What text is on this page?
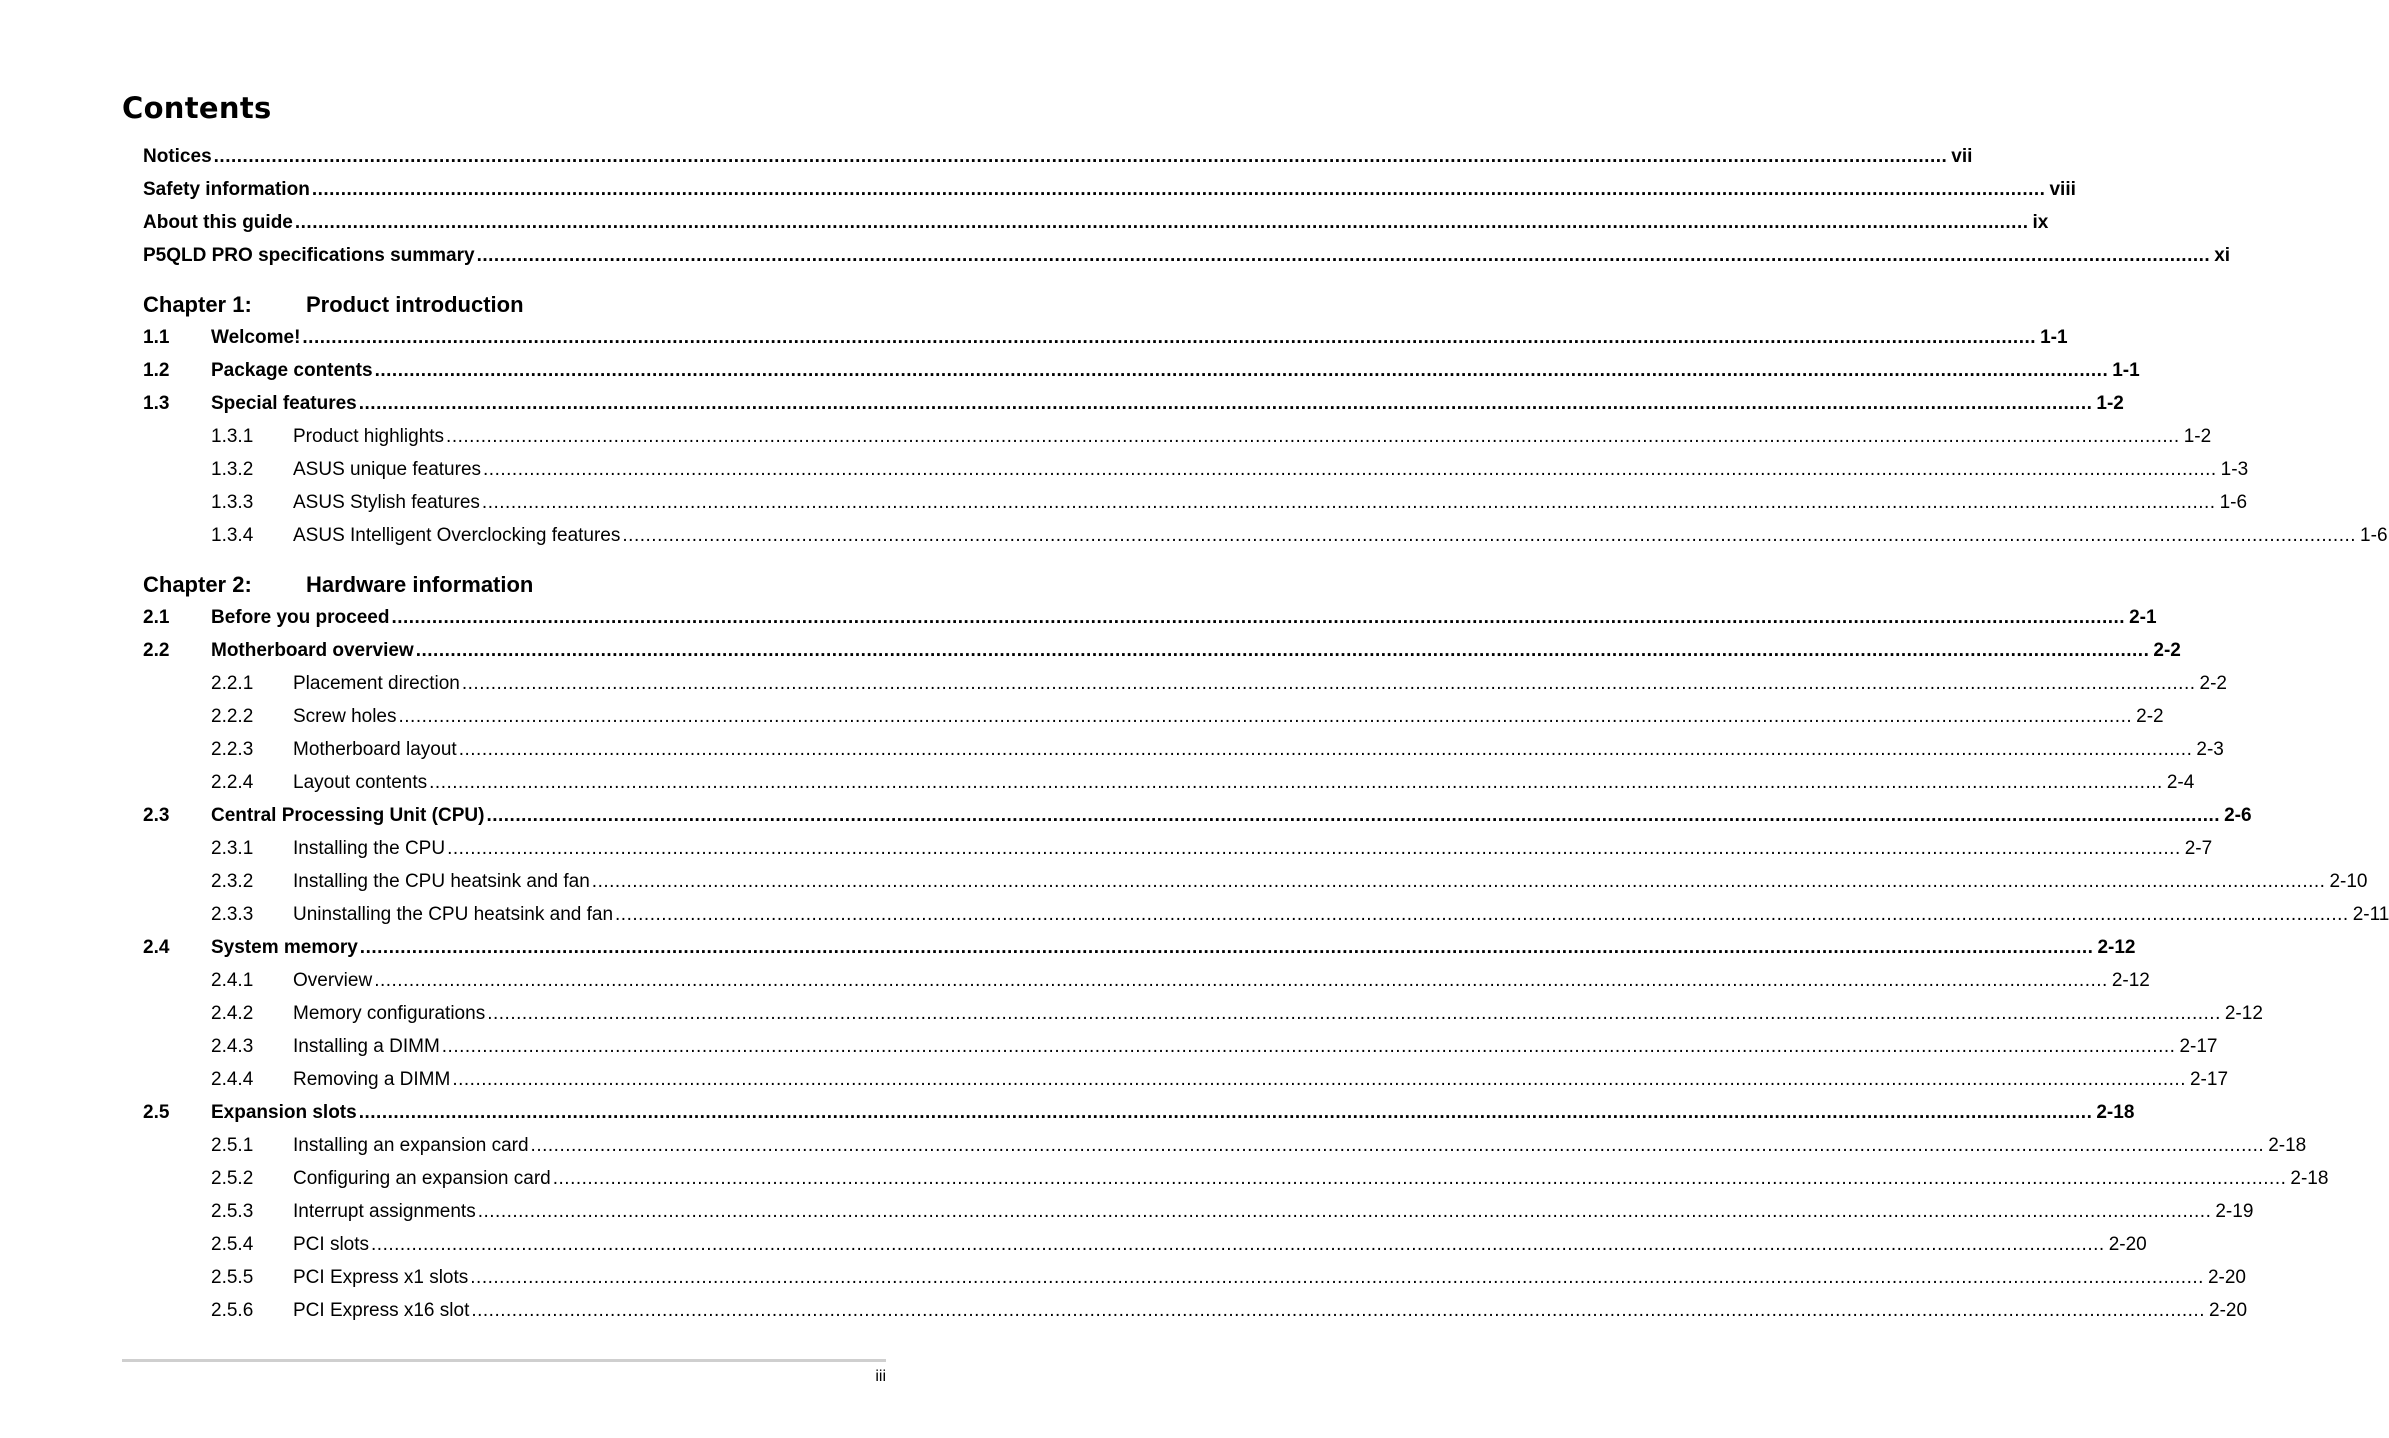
Contents
Notices ............................................................................................................................................................................................................................................................................................................ vii
Safety information ............................................................................................................................................................................................................................................................................................................ viii
About this guide ............................................................................................................................................................................................................................................................................................................ ix
P5QLD PRO specifications summary ............................................................................................................................................................................................................................................................................................................ xi
Chapter 1:	Product introduction
1.1	Welcome! ............................................................................................................................................................................................................................................................................................................ 1-1
1.2	Package contents ............................................................................................................................................................................................................................................................................................................ 1-1
1.3	Special features ............................................................................................................................................................................................................................................................................................................ 1-2
1.3.1	Product highlights ............................................................................................................................................................................................................................................................................................................ 1-2
1.3.2	ASUS unique features ............................................................................................................................................................................................................................................................................................................ 1-3
1.3.3	ASUS Stylish features ............................................................................................................................................................................................................................................................................................................ 1-6
1.3.4	ASUS Intelligent Overclocking features ............................................................................................................................................................................................................................................................................................................ 1-6
Chapter 2:	Hardware information
2.1	Before you proceed ............................................................................................................................................................................................................................................................................................................ 2-1
2.2	Motherboard overview ............................................................................................................................................................................................................................................................................................................ 2-2
2.2.1	Placement direction ............................................................................................................................................................................................................................................................................................................ 2-2
2.2.2	Screw holes ............................................................................................................................................................................................................................................................................................................ 2-2
2.2.3	Motherboard layout ............................................................................................................................................................................................................................................................................................................ 2-3
2.2.4	Layout contents ............................................................................................................................................................................................................................................................................................................ 2-4
2.3	Central Processing Unit (CPU) ............................................................................................................................................................................................................................................................................................................ 2-6
2.3.1	Installing the CPU ............................................................................................................................................................................................................................................................................................................ 2-7
2.3.2	Installing the CPU heatsink and fan ............................................................................................................................................................................................................................................................................................................ 2-10
2.3.3	Uninstalling the CPU heatsink and fan ............................................................................................................................................................................................................................................................................................................ 2-11
2.4	System memory ............................................................................................................................................................................................................................................................................................................ 2-12
2.4.1	Overview ............................................................................................................................................................................................................................................................................................................ 2-12
2.4.2	Memory configurations ............................................................................................................................................................................................................................................................................................................ 2-12
2.4.3	Installing a DIMM ............................................................................................................................................................................................................................................................................................................ 2-17
2.4.4	Removing a DIMM ............................................................................................................................................................................................................................................................................................................ 2-17
2.5	Expansion slots ............................................................................................................................................................................................................................................................................................................ 2-18
2.5.1	Installing an expansion card ............................................................................................................................................................................................................................................................................................................ 2-18
2.5.2	Configuring an expansion card ............................................................................................................................................................................................................................................................................................................ 2-18
2.5.3	Interrupt assignments ............................................................................................................................................................................................................................................................................................................ 2-19
2.5.4	PCI slots ............................................................................................................................................................................................................................................................................................................ 2-20
2.5.5	PCI Express x1 slots ............................................................................................................................................................................................................................................................................................................ 2-20
2.5.6	PCI Express x16 slot ............................................................................................................................................................................................................................................................................................................ 2-20
iii
